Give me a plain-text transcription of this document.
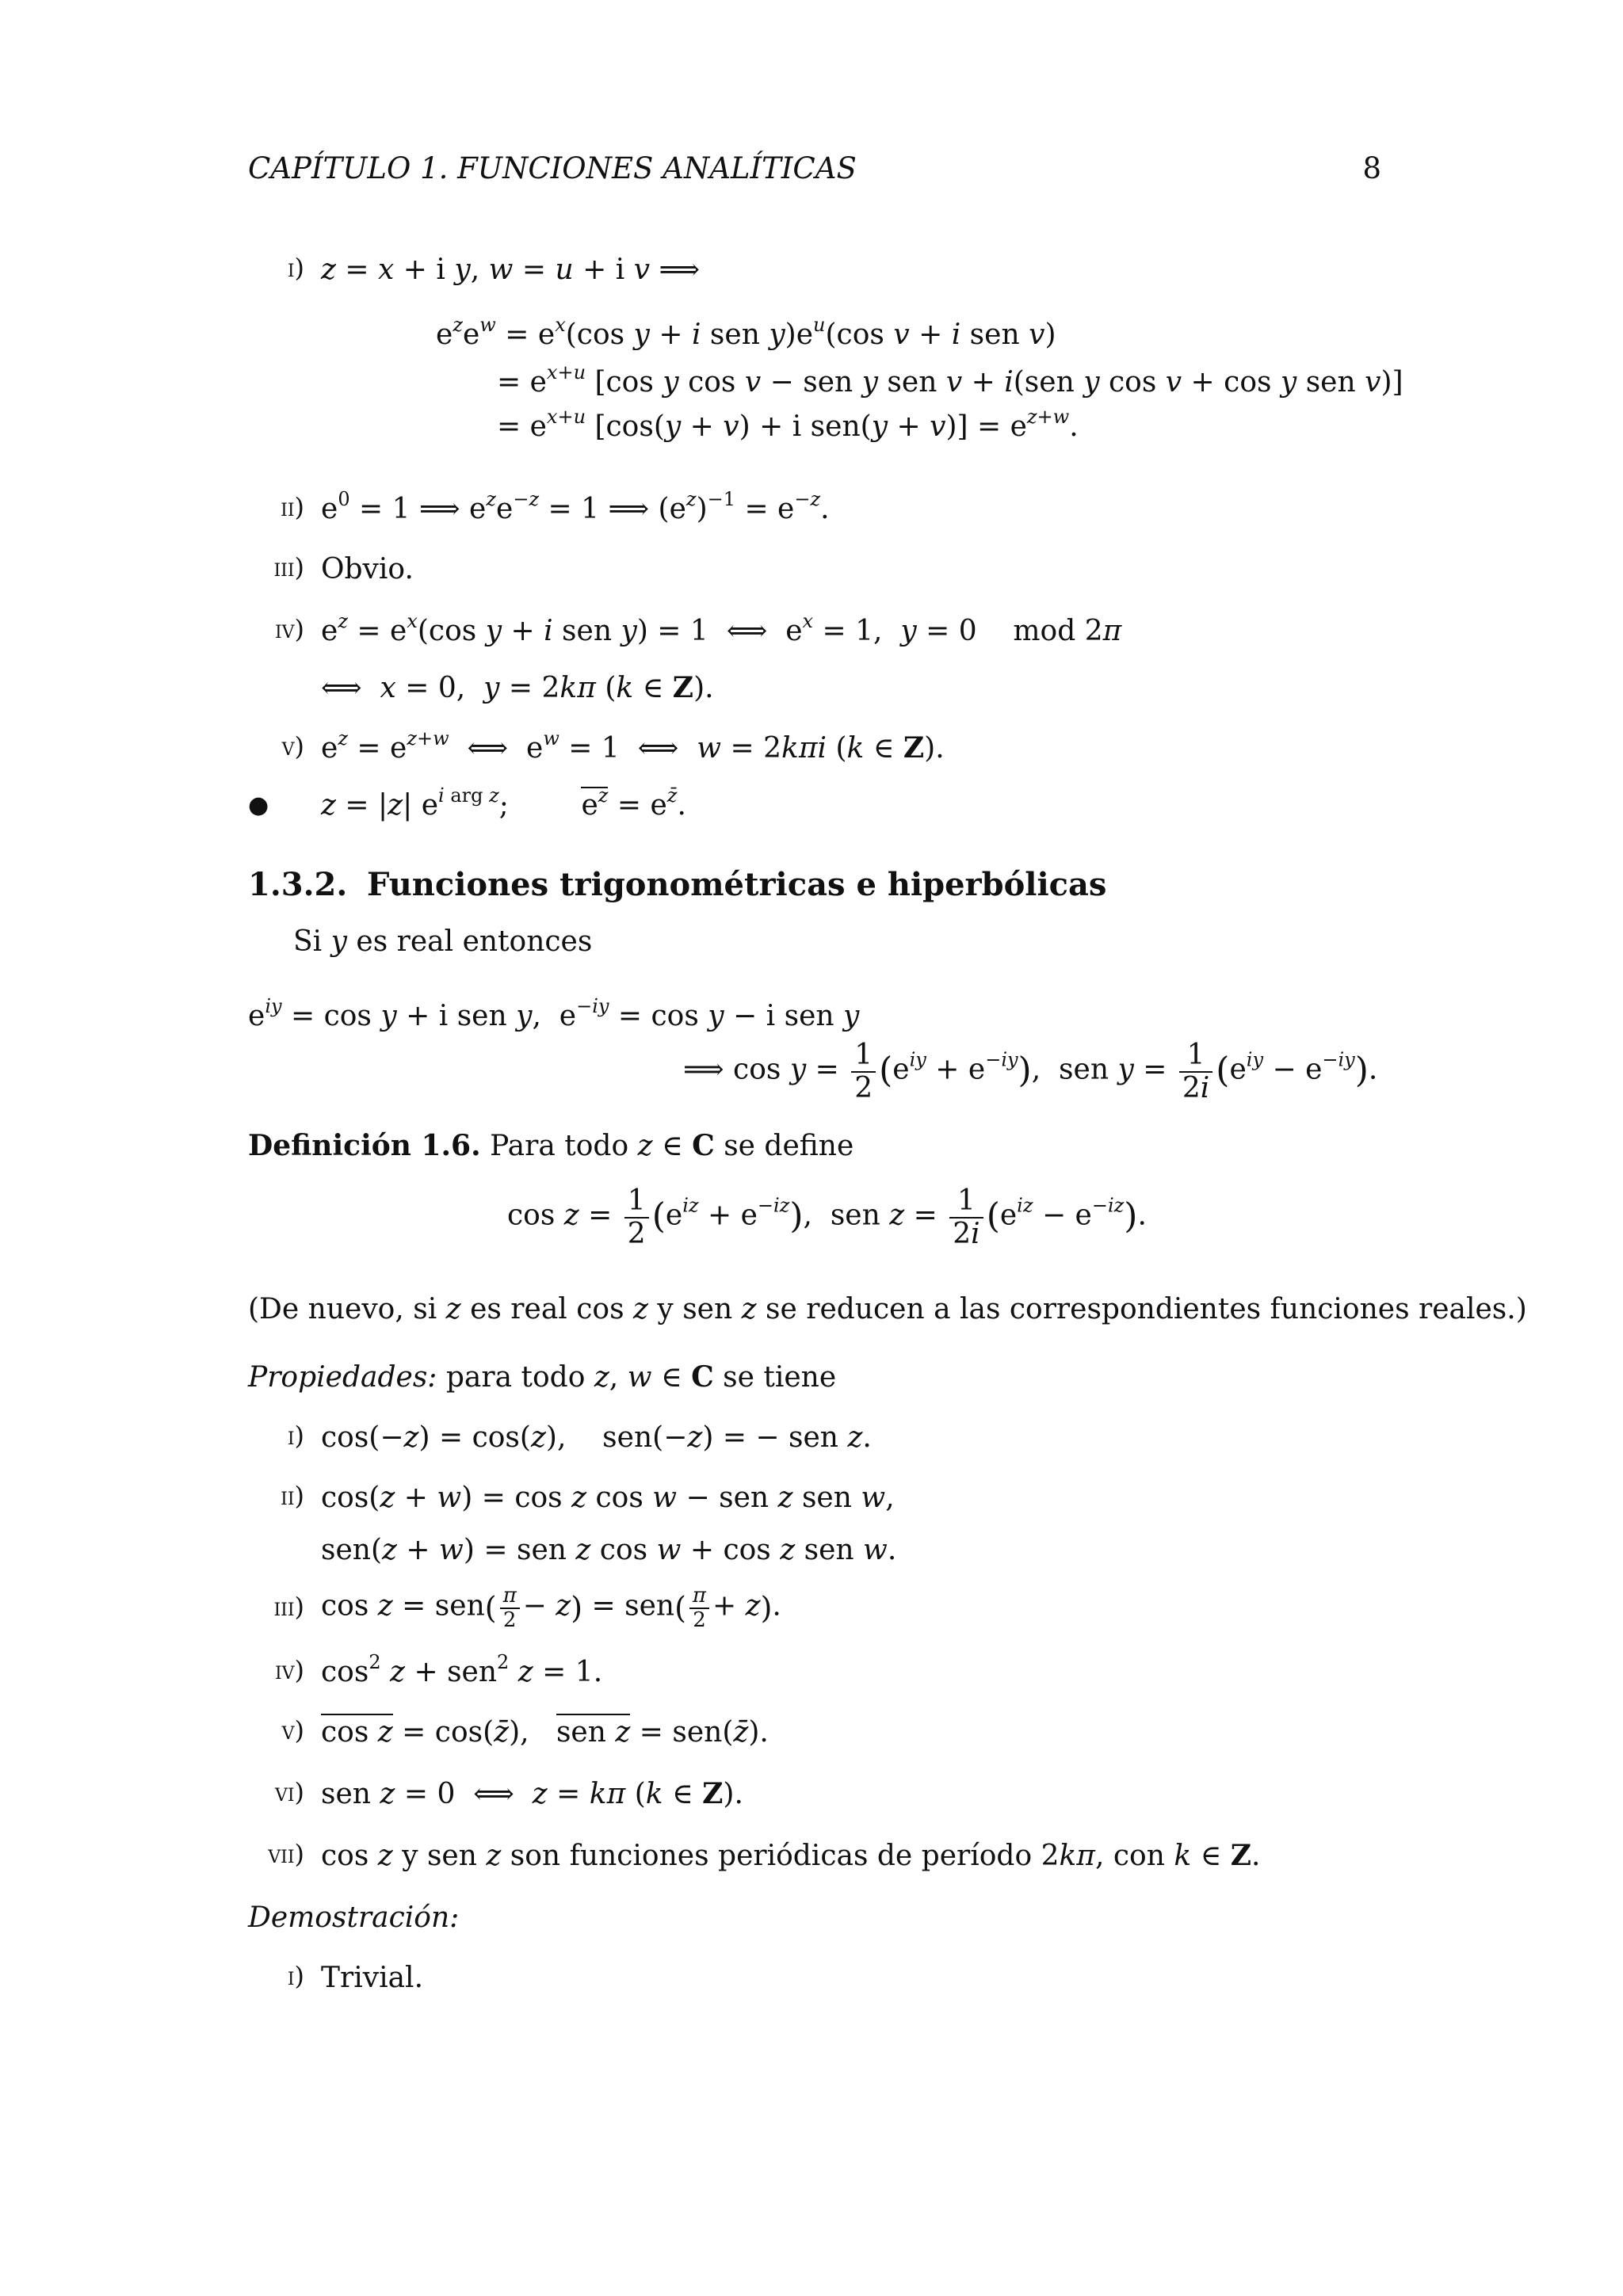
CAPÍTULO 1. FUNCIONES ANALÍTICAS	8
i) z = x + i y, w = u + i v ⟹
$e^ze^w = e^x(\cos$ y + i sen $y)e^u(\cos$ v + i sen v)
= $e^{x+u}$ [cos y cos v − sen y sen v + i(sen y cos v + cos y sen v)]
= $e^{x+u}$ [cos(y + v) + i $sen(y + v)] = e^{z+w}$.
ii) $e^0 = 1$ ⟹ $e^ze^{-z} = 1$ ⟹ $(e^z)^{-1} = e^{-z}$.
iii) Obvio.
iv) $e^z = e^x(\cos$ y + i sen y) = 1  ⟺  $e^x = 1$,  y = 0    mod 2π
⟺  x = 0,  y = 2kπ (k ∈ Z).
v) $e^z = e^{z+w}$  ⟺  $e^w = 1$  ⟺  w = 2kπi (k ∈ Z).
● z = |z| $e^{i arg z}$;        $e^z = e^{z̄}$.
1.3.2. Funciones trigonométricas e hiperbólicas
Si y es real entonces
$e^{iy} = \cos y + i$ sen y,  $e^{-iy} = \cos y - i$ sen y
⟹ $\cos y = \frac{1}{2} (e^{iy} + e^{-iy})$,  sen $y = \frac{1}{2i} (e^{iy} - e^{-iy})$.
Definición 1.6. Para todo z ∈ C se define
$\cos z = \frac{1}{2} (e^{iz} + e^{-iz})$,  sen $z = \frac{1}{2i} (e^{iz} - e^{-iz})$.
(De nuevo, si z es real cos z y sen z se reducen a las correspondientes funciones reales.)
Propiedades: para todo z, w ∈ C se tiene
i) cos(−z) = cos(z),    sen(−z) = − sen z.
ii) cos(z + w) = cos z cos w − sen z sen w,
sen(z + w) = sen z cos w + cos z sen w.
iii) $\cos z = sen( \frac{\pi}{2} - z) = sen( \frac{\pi}{2} + z)$.
iv) $\cos^2 z + sen^2$ z = 1.
v) cos z = cos(z̄),   sen z = sen(z̄).
vi) sen z = 0  ⟺  z = kπ (k ∈ Z).
vii) cos z y sen z son funciones periódicas de período 2kπ, con k ∈ Z.
Demostración:
i) Trivial.
